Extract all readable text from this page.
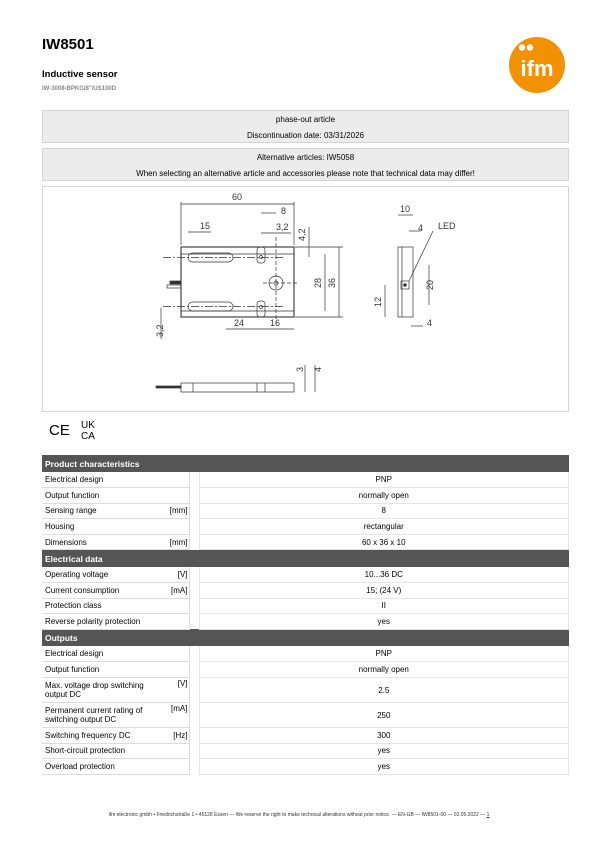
IW8501
Inductive sensor
IW-3008-BPKG/8"/US100D
ifm
phase-out article
Discontinuation date: 03/31/2026
Alternative articles: IW5058
When selecting an alternative article and accessories please note that technical data may differ!
60
8
15	3,2
4,2
28 36
24	16
3,2
10
4 LED
20
12
4
3 4
CE UK
CA
Product characteristics			
Electrical design			PNP
Output function			normally open
Sensing range	[mm]		8
Housing			rectangular
Dimensions	[mm]		60 x 36 x 10
Electrical data			
Operating voltage	[V]		10...36 DC
Current consumption	[mA]		15; (24 V)
Protection class			II
Reverse polarity protection			yes
Outputs			
Electrical design			PNP
Output function			normally open
Max. voltage drop switching output DC	[V]		2.5
Permanent current rating of switching output DC	[mA]		250
Switching frequency DC	[Hz]		300
Short-circuit protection			yes
Overload protection			yes
ifm electronic gmbh • Friedrichstraße 1 • 45128 Essen — We reserve the right to make technical alterations without prior notice. — EN-GB — IW8501-00 — 02.05.2022 — 1
